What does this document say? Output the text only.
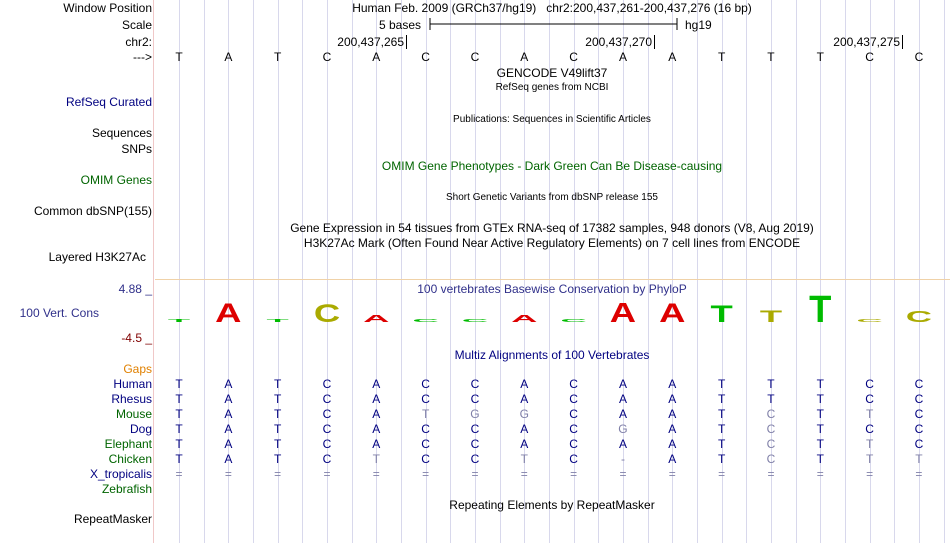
Window Position
Scale
chr2:
--->
Human Feb. 2009 (GRCh37/hg19)   chr2:200,437,261-200,437,276 (16 bp)
5 bases	hg19
200,437,265	200,437,270	200,437,275
T	A	T	C	A	C	C	A	C	A	A	T	T	T	C	C
GENCODE V49lift37
RefSeq genes from NCBI
RefSeq Curated
Publications: Sequences in Scientific Articles
Sequences
SNPs
OMIM Gene Phenotypes - Dark Green Can Be Disease-causing
OMIM Genes
Short Genetic Variants from dbSNP release 155
Common dbSNP(155)
Gene Expression in 54 tissues from GTEx RNA-seq of 17382 samples, 948 donors (V8, Aug 2019)
H3K27Ac Mark (Often Found Near Active Regulatory Elements) on 7 cell lines from ENCODE
Layered H3K27Ac
100 vertebrates Basewise Conservation by PhyloP
4.88 _
100 Vert. Cons
-4.5 _
T A T C A C C A C A A T T T C C
Multiz Alignments of 100 Vertebrates
Gaps
Human	T	A	T	C	A	C	C	A	C	A	A	T	T	T	C	C
Rhesus	T	A	T	C	A	C	C	A	C	A	A	T	T	T	C	C
Mouse	T	A	T	C	A	T	G	G	C	A	A	T	C	T	T	C
Dog	T	A	T	C	A	C	C	A	C	G	A	T	C	T	C	C
Elephant	T	A	T	C	A	C	C	A	C	A	A	T	C	T	T	C
Chicken	T	A	T	C	T	C	C	T	C	-	A	T	C	T	T	T
X_tropicalis	=	=	=	=	=	=	=	=	=	=	=	=	=	=	=	=
Zebrafish
Repeating Elements by RepeatMasker
RepeatMasker
